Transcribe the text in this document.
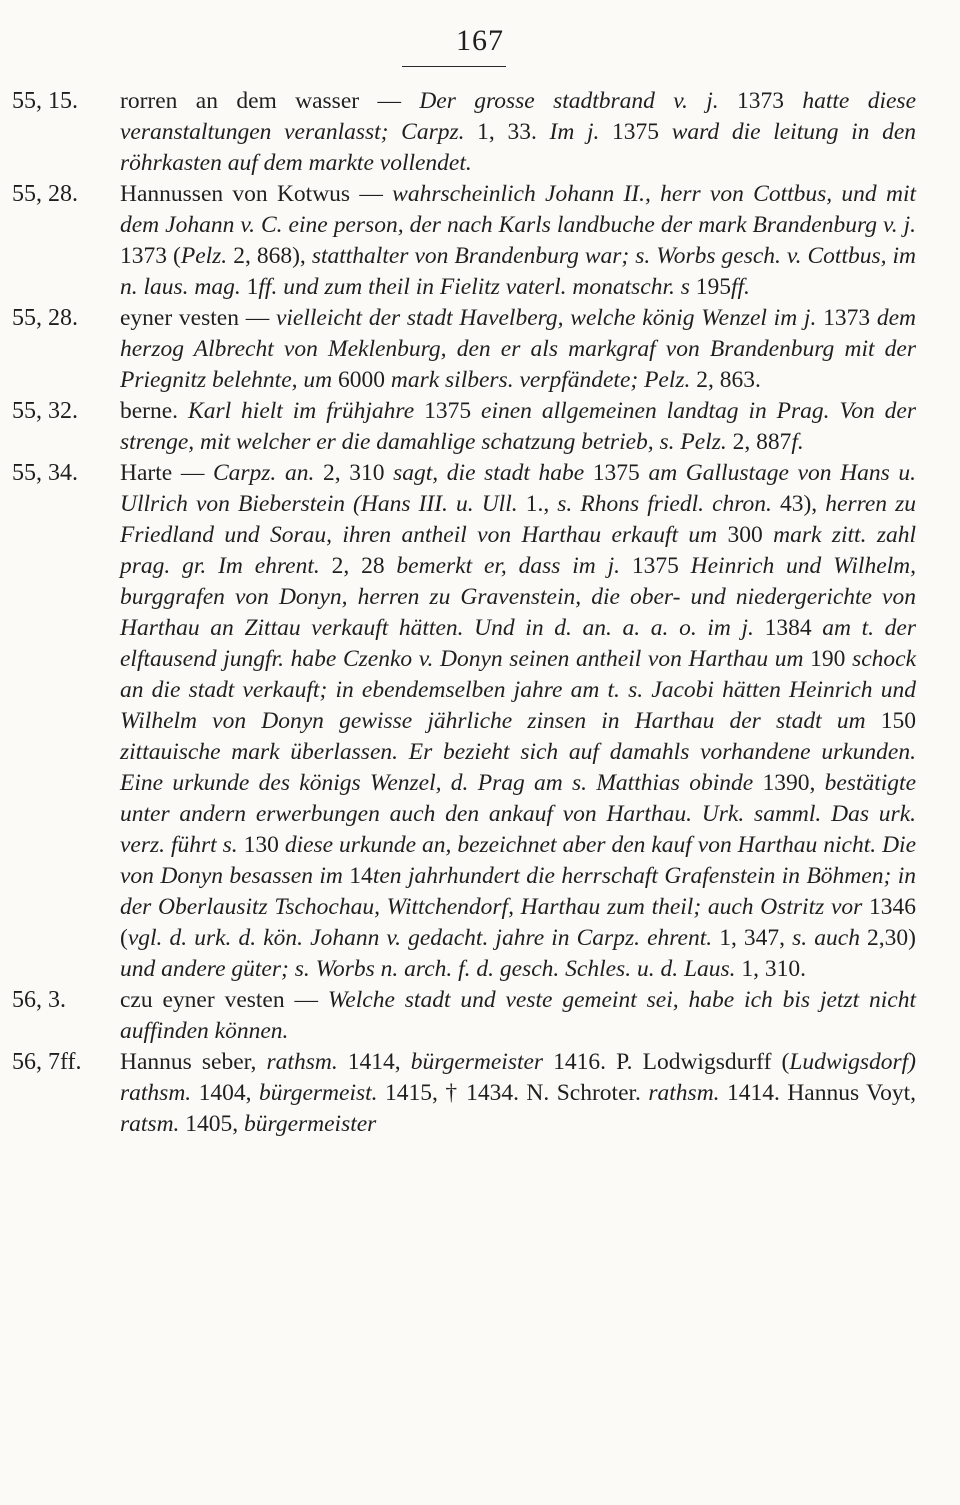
167
55, 15.	rorren an dem wasser — Der grosse stadtbrand v. j. 1373 hatte diese veranstaltungen veranlasst; Carpz. 1, 33. Im j. 1375 ward die leitung in den röhrkasten auf dem markte vollendet.
55, 28.	Hannussen von Kotwus — wahrscheinlich Johann II., herr von Cottbus, und mit dem Johann v. C. eine person, der nach Karls landbuche der mark Brandenburg v. j. 1373 (Pelz. 2, 868), statthalter von Brandenburg war; s. Worbs gesch. v. Cottbus, im n. laus. mag. 1ff. und zum theil in Fielitz vaterl. monatschr. s 195ff.
55, 28.	eyner vesten — vielleicht der stadt Havelberg, welche könig Wenzel im j. 1373 dem herzog Albrecht von Meklenburg, den er als markgraf von Brandenburg mit der Priegnitz belehnte, um 6000 mark silbers. verpfändete; Pelz. 2, 863.
55, 32.	berne. Karl hielt im frühjahre 1375 einen allgemeinen landtag in Prag. Von der strenge, mit welcher er die damahlige schatzung betrieb, s. Pelz. 2, 887f.
55, 34.	Harte — Carpz. an. 2, 310 sagt, die stadt habe 1375 am Gallustage von Hans u. Ullrich von Bieberstein (Hans III. u. Ull. 1., s. Rhons friedl. chron. 43), herren zu Friedland und Sorau, ihren antheil von Harthau erkauft um 300 mark zitt. zahl prag. gr. Im ehrent. 2, 28 bemerkt er, dass im j. 1375 Heinrich und Wilhelm, burggrafen von Donyn, herren zu Gravenstein, die ober- und niedergerichte von Harthau an Zittau verkauft hätten. Und in d. an. a. a. o. im j. 1384 am t. der elftausend jungfr. habe Czenko v. Donyn seinen antheil von Harthau um 190 schock an die stadt verkauft; in ebendemselben jahre am t. s. Jacobi hätten Heinrich und Wilhelm von Donyn gewisse jährliche zinsen in Harthau der stadt um 150 zittauische mark überlassen. Er bezieht sich auf damahls vorhandene urkunden. Eine urkunde des königs Wenzel, d. Prag am s. Matthias obinde 1390, bestätigte unter andern erwerbungen auch den ankauf von Harthau. Urk. samml. Das urk. verz. führt s. 130 diese urkunde an, bezeichnet aber den kauf von Harthau nicht. Die von Donyn besassen im 14ten jahrhundert die herrschaft Grafenstein in Böhmen; in der Oberlausitz Tschochau, Wittchendorf, Harthau zum theil; auch Ostritz vor 1346 (vgl. d. urk. d. kön. Johann v. gedacht. jahre in Carpz. ehrent. 1, 347, s. auch 2,30) und andere güter; s. Worbs n. arch. f. d. gesch. Schles. u. d. Laus. 1, 310.
56, 3.	czu eyner vesten — Welche stadt und veste gemeint sei, habe ich bis jetzt nicht auffinden können.
56, 7ff.	Hannus seber, rathsm. 1414, bürgermeister 1416. P. Lodwigsdurff (Ludwigsdorf) rathsm. 1404, bürgermeist. 1415, † 1434. N. Schroter. rathsm. 1414. Hannus Voyt, ratsm. 1405, bürgermeister
